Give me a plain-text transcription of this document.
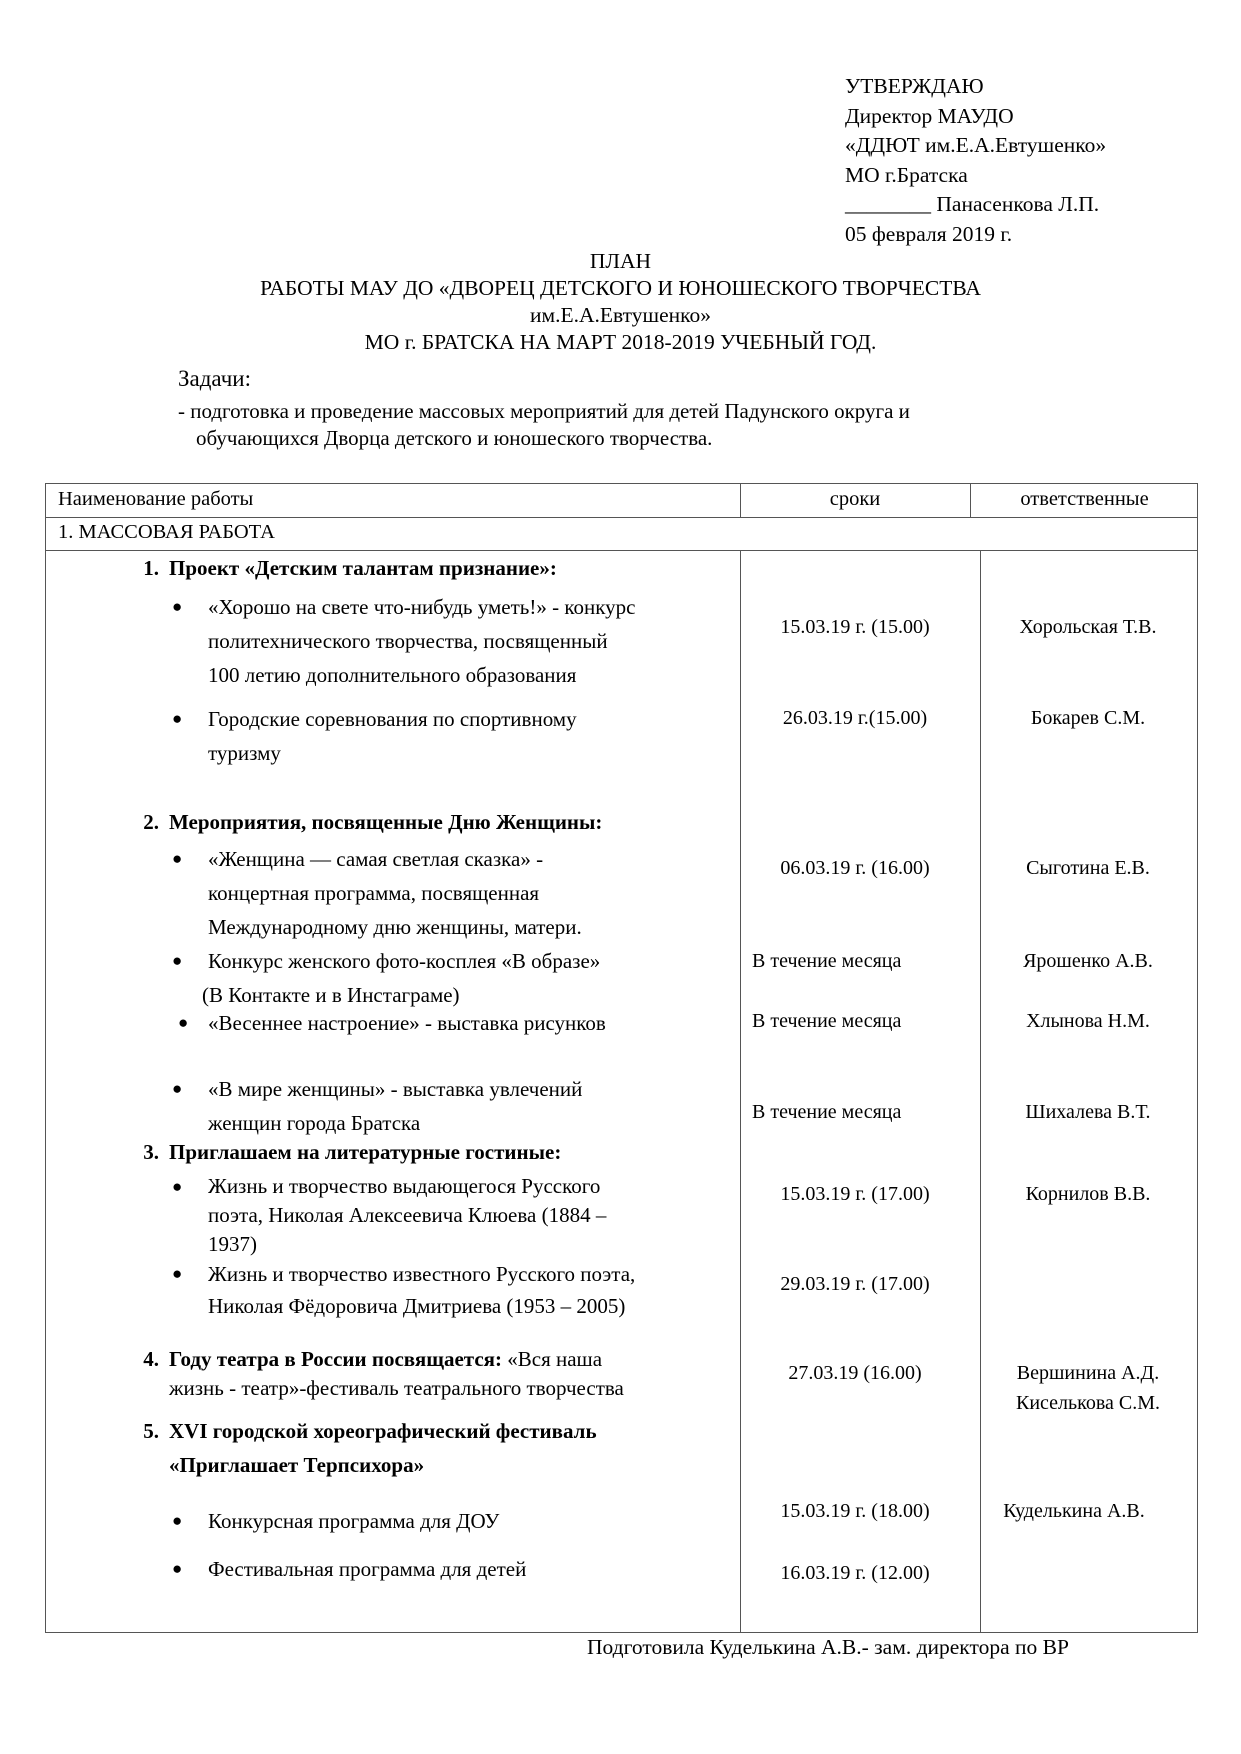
УТВЕРЖДАЮ
Директор МАУДО
«ДДЮТ им.Е.А.Евтушенко»
МО г.Братска
________ Панасенкова Л.П.
05 февраля 2019 г.
ПЛАН
РАБОТЫ МАУ ДО «ДВОРЕЦ ДЕТСКОГО И ЮНОШЕСКОГО ТВОРЧЕСТВА
им.Е.А.Евтушенко»
МО г. БРАТСКА НА МАРТ 2018-2019 УЧЕБНЫЙ ГОД.
Задачи:
- подготовка и проведение массовых мероприятий для детей Падунского округа и
обучающихся Дворца детского и юношеского творчества.
Наименование работы	сроки	ответственные
1. МАССОВАЯ РАБОТА
1. Проект «Детским талантам признание»:
● «Хорошо на свете что-нибудь уметь!» - конкурс
политехнического творчества, посвященный
100 летию дополнительного образования
15.03.19 г. (15.00)	Хорольская Т.В.
● Городские соревнования по спортивному
туризму
26.03.19 г.(15.00)	Бокарев С.М.
2. Мероприятия, посвященные Дню Женщины:
● «Женщина — самая светлая сказка» -
концертная программа, посвященная
Международному дню женщины, матери.
06.03.19 г. (16.00)	Сыготина Е.В.
● Конкурс женского фото-косплея «В образе»
(В Контакте и в Инстаграме)
В течение месяца	Ярошенко А.В.
● «Весеннее настроение» - выставка рисунков	В течение месяца	Хлынова Н.М.
● «В мире женщины» - выставка увлечений
женщин города Братска	В течение месяца	Шихалева В.Т.
3. Приглашаем на литературные гостиные:
● Жизнь и творчество выдающегося Русского
поэта, Николая Алексеевича Клюева (1884 –
1937)
15.03.19 г. (17.00)	Корнилов В.В.
● Жизнь и творчество известного Русского поэта,
Николая Фёдоровича Дмитриева (1953 – 2005)
29.03.19 г. (17.00)
4. Году театра в России посвящается: «Вся наша
жизнь - театр»-фестиваль театрального творчества
27.03.19 (16.00)	Вершинина А.Д.
Киселькова С.М.
5. XVI городской хореографический фестиваль
«Приглашает Терпсихора»
● Конкурсная программа для ДОУ	15.03.19 г. (18.00)	Куделькина А.В.
● Фестивальная программа для детей	16.03.19 г. (12.00)
Подготовила Куделькина А.В.- зам. директора по ВР
